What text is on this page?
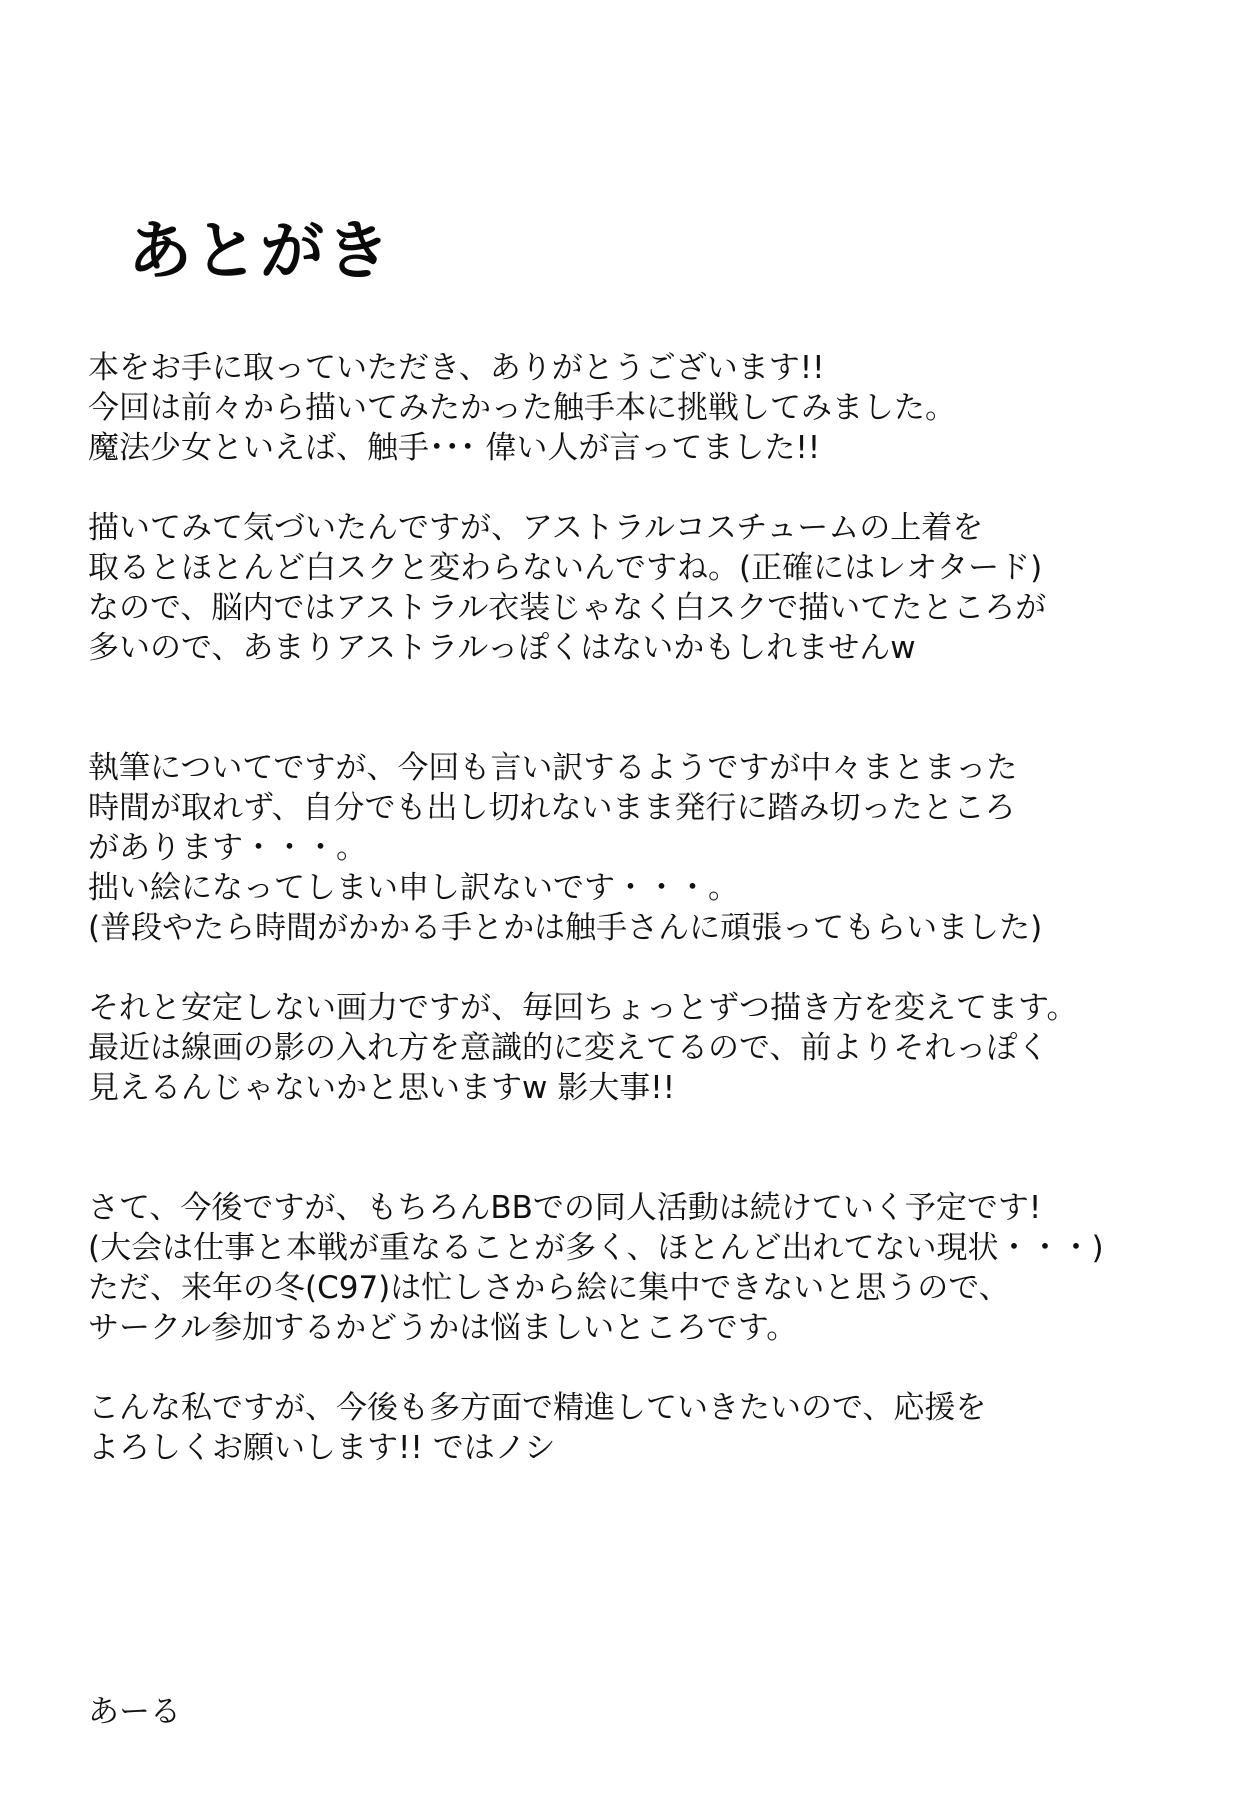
あとがき

本をお手に取っていただき、ありがとうございます!!
今回は前々から描いてみたかった触手本に挑戦してみました。
魔法少女といえば、触手･･･ 偉い人が言ってました!!

描いてみて気づいたんですが、アストラルコスチュームの上着を
取るとほとんど白スクと変わらないんですね。(正確にはレオタード)
なので、脳内ではアストラル衣装じゃなく白スクで描いてたところが
多いので、あまりアストラルっぽくはないかもしれませんw

執筆についてですが、今回も言い訳するようですが中々まとまった
時間が取れず、自分でも出し切れないまま発行に踏み切ったところ
があります・・・。
拙い絵になってしまい申し訳ないです・・・。
(普段やたら時間がかかる手とかは触手さんに頑張ってもらいました)

それと安定しない画力ですが、毎回ちょっとずつ描き方を変えてます。
最近は線画の影の入れ方を意識的に変えてるので、前よりそれっぽく
見えるんじゃないかと思いますw 影大事!!

さて、今後ですが、もちろんBBでの同人活動は続けていく予定です!
(大会は仕事と本戦が重なることが多く、ほとんど出れてない現状・・・)
ただ、来年の冬(C97)は忙しさから絵に集中できないと思うので、
サークル参加するかどうかは悩ましいところです。

こんな私ですが、今後も多方面で精進していきたいので、応援を
よろしくお願いします!! ではノシ

あーる
